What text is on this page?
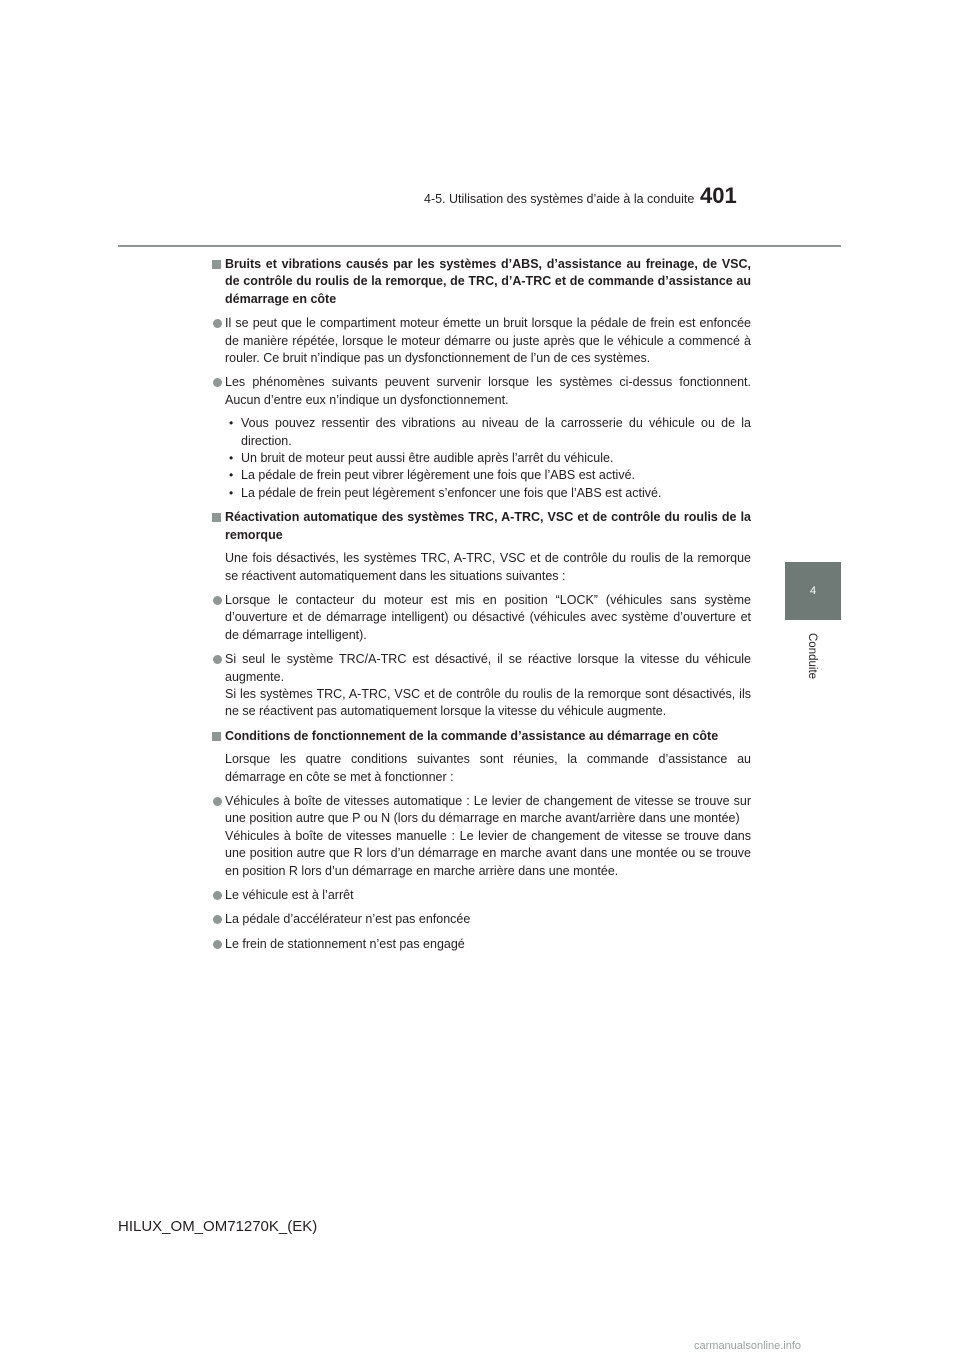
4-5. Utilisation des systèmes d’aide à la conduite 401
4
Conduite

Bruits et vibrations causés par les systèmes d’ABS, d’assistance au freinage, de VSC, de contrôle du roulis de la remorque, de TRC, d’A-TRC et de commande d’assistance au démarrage en côte

Il se peut que le compartiment moteur émette un bruit lorsque la pédale de frein est enfoncée de manière répétée, lorsque le moteur démarre ou juste après que le véhicule a commencé à rouler. Ce bruit n’indique pas un dysfonctionnement de l’un de ces systèmes.
Les phénomènes suivants peuvent survenir lorsque les systèmes ci-dessus fonctionnent. Aucun d’entre eux n’indique un dysfonctionnement.
• Vous pouvez ressentir des vibrations au niveau de la carrosserie du véhicule ou de la direction.
• Un bruit de moteur peut aussi être audible après l’arrêt du véhicule.
• La pédale de frein peut vibrer légèrement une fois que l’ABS est activé.
• La pédale de frein peut légèrement s’enfoncer une fois que l’ABS est activé.

Réactivation automatique des systèmes TRC, A-TRC, VSC et de contrôle du roulis de la remorque

Une fois désactivés, les systèmes TRC, A-TRC, VSC et de contrôle du roulis de la remorque se réactivent automatiquement dans les situations suivantes :
Lorsque le contacteur du moteur est mis en position “LOCK” (véhicules sans système d’ouverture et de démarrage intelligent) ou désactivé (véhicules avec système d’ouverture et de démarrage intelligent).
Si seul le système TRC/A-TRC est désactivé, il se réactive lorsque la vitesse du véhicule augmente.
Si les systèmes TRC, A-TRC, VSC et de contrôle du roulis de la remorque sont désactivés, ils ne se réactivent pas automatiquement lorsque la vitesse du véhicule augmente.

Conditions de fonctionnement de la commande d’assistance au démarrage en côte

Lorsque les quatre conditions suivantes sont réunies, la commande d’assistance au démarrage en côte se met à fonctionner :
Véhicules à boîte de vitesses automatique : Le levier de changement de vitesse se trouve sur une position autre que P ou N (lors du démarrage en marche avant/arrière dans une montée)
Véhicules à boîte de vitesses manuelle : Le levier de changement de vitesse se trouve dans une position autre que R lors d’un démarrage en marche avant dans une montée ou se trouve en position R lors d’un démarrage en marche arrière dans une montée.
Le véhicule est à l’arrêt
La pédale d’accélérateur n’est pas enfoncée
Le frein de stationnement n’est pas engagé
HILUX_OM_OM71270K_(EK)
carmanualsonline.info
